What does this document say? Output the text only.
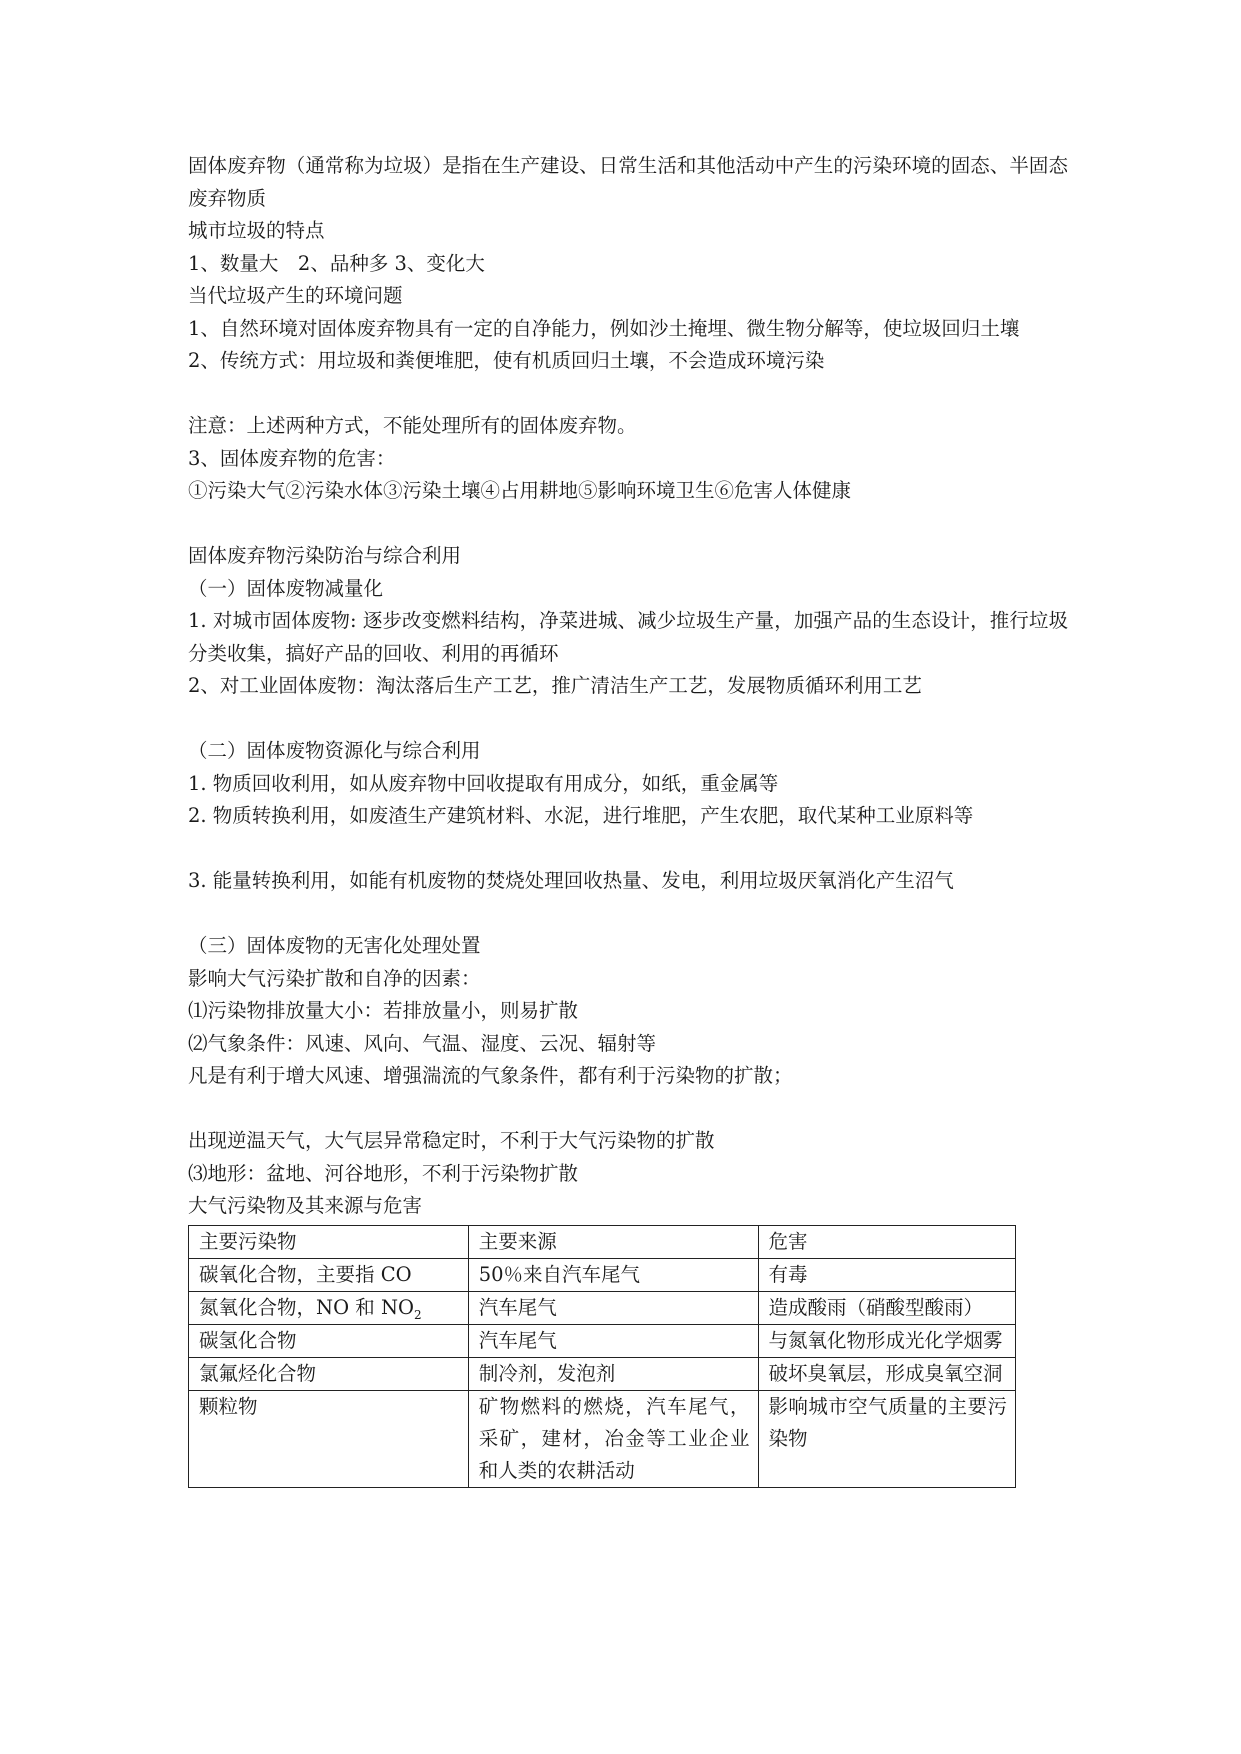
固体废弃物（通常称为垃圾）是指在生产建设、日常生活和其他活动中产生的污染环境的固态、半固态废弃物质

城市垃圾的特点

1、数量大　2、品种多 3、变化大

当代垃圾产生的环境问题

1、自然环境对固体废弃物具有一定的自净能力，例如沙土掩埋、微生物分解等，使垃圾回归土壤

2、传统方式：用垃圾和粪便堆肥，使有机质回归土壤，不会造成环境污染

注意：上述两种方式，不能处理所有的固体废弃物。

3、固体废弃物的危害：

①污染大气②污染水体③污染土壤④占用耕地⑤影响环境卫生⑥危害人体健康

固体废弃物污染防治与综合利用

（一）固体废物减量化

1. 对城市固体废物: 逐步改变燃料结构，净菜进城、减少垃圾生产量，加强产品的生态设计，推行垃圾分类收集，搞好产品的回收、利用的再循环

2、对工业固体废物：淘汰落后生产工艺，推广清洁生产工艺，发展物质循环利用工艺

（二）固体废物资源化与综合利用

1. 物质回收利用，如从废弃物中回收提取有用成分，如纸，重金属等

2. 物质转换利用，如废渣生产建筑材料、水泥，进行堆肥，产生农肥，取代某种工业原料等

3. 能量转换利用，如能有机废物的焚烧处理回收热量、发电，利用垃圾厌氧消化产生沼气

（三）固体废物的无害化处理处置

影响大气污染扩散和自净的因素：

⑴污染物排放量大小：若排放量小，则易扩散

⑵气象条件：风速、风向、气温、湿度、云况、辐射等

凡是有利于增大风速、增强湍流的气象条件，都有利于污染物的扩散；

出现逆温天气，大气层异常稳定时，不利于大气污染物的扩散

⑶地形：盆地、河谷地形，不利于污染物扩散

大气污染物及其来源与危害

主要污染物	主要来源	危害
碳氧化合物，主要指 CO	50％来自汽车尾气	有毒
氮氧化合物，NO 和 $NO_2$	汽车尾气	造成酸雨（硝酸型酸雨）
碳氢化合物	汽车尾气	与氮氧化物形成光化学烟雾
氯氟烃化合物	制冷剂，发泡剂	破坏臭氧层，形成臭氧空洞
颗粒物	矿物燃料的燃烧，汽车尾气，采矿，建材，冶金等工业企业和人类的农耕活动	影响城市空气质量的主要污染物
